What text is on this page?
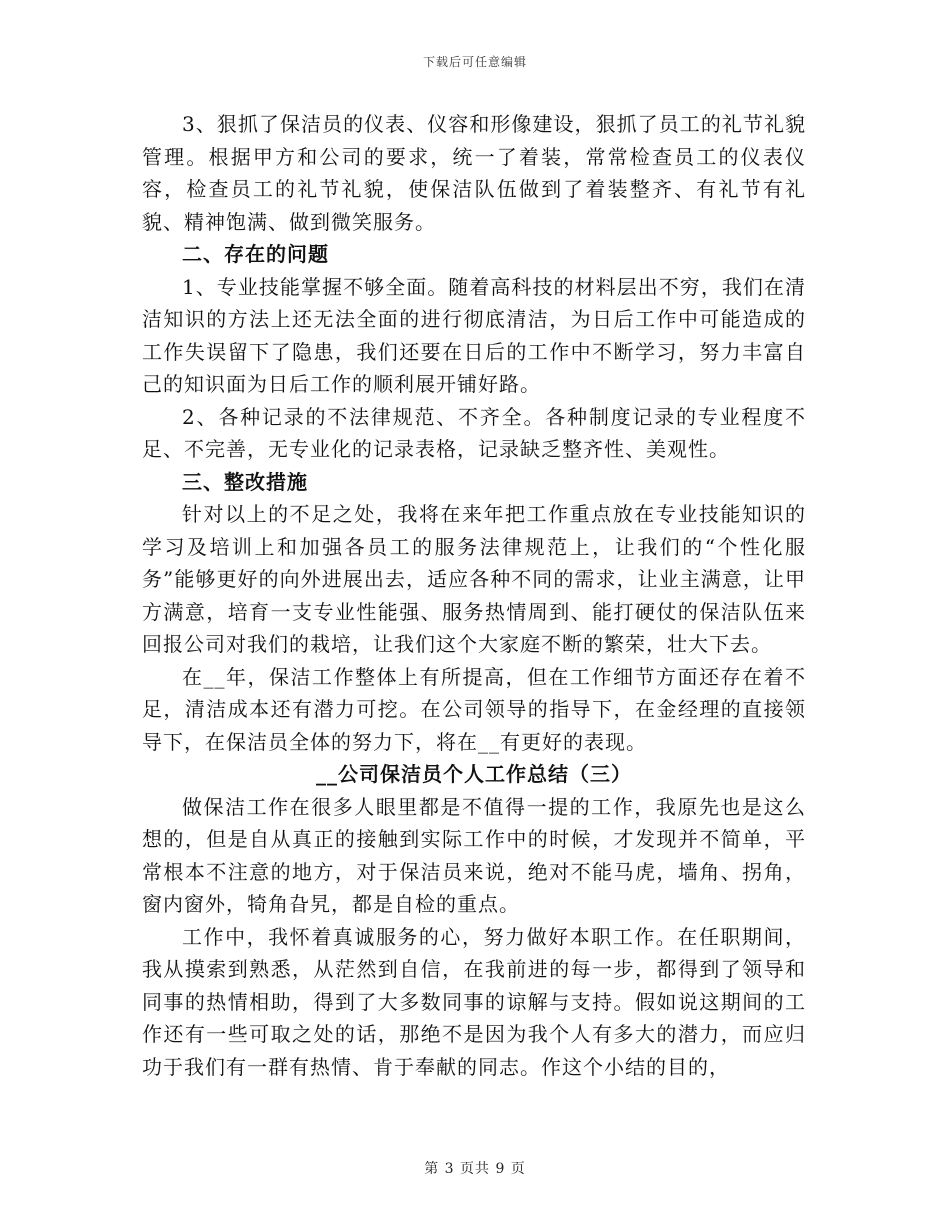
下载后可任意编辑

3、狠抓了保洁员的仪表、仪容和形像建设，狠抓了员工的礼节礼貌管理。根据甲方和公司的要求，统一了着装，常常检查员工的仪表仪容，检查员工的礼节礼貌，使保洁队伍做到了着装整齐、有礼节有礼貌、精神饱满、做到微笑服务。

二、存在的问题

1、专业技能掌握不够全面。随着高科技的材料层出不穷，我们在清洁知识的方法上还无法全面的进行彻底清洁，为日后工作中可能造成的工作失误留下了隐患，我们还要在日后的工作中不断学习，努力丰富自己的知识面为日后工作的顺利展开铺好路。

2、各种记录的不法律规范、不齐全。各种制度记录的专业程度不足、不完善，无专业化的记录表格，记录缺乏整齐性、美观性。

三、整改措施

针对以上的不足之处，我将在来年把工作重点放在专业技能知识的学习及培训上和加强各员工的服务法律规范上，让我们的“个性化服务”能够更好的向外进展出去，适应各种不同的需求，让业主满意，让甲方满意，培育一支专业性能强、服务热情周到、能打硬仗的保洁队伍来回报公司对我们的栽培，让我们这个大家庭不断的繁荣，壮大下去。

在__年，保洁工作整体上有所提高，但在工作细节方面还存在着不足，清洁成本还有潜力可挖。在公司领导的指导下，在金经理的直接领导下，在保洁员全体的努力下，将在__有更好的表现。

__公司保洁员个人工作总结（三）

做保洁工作在很多人眼里都是不值得一提的工作，我原先也是这么想的，但是自从真正的接触到实际工作中的时候，才发现并不简单，平常根本不注意的地方，对于保洁员来说，绝对不能马虎，墙角、拐角，窗内窗外，犄角旮旯，都是自检的重点。

工作中，我怀着真诚服务的心，努力做好本职工作。在任职期间，我从摸索到熟悉，从茫然到自信，在我前进的每一步，都得到了领导和同事的热情相助，得到了大多数同事的谅解与支持。假如说这期间的工作还有一些可取之处的话，那绝不是因为我个人有多大的潜力，而应归功于我们有一群有热情、肯于奉献的同志。作这个小结的目的，

第 3 页共 9 页
